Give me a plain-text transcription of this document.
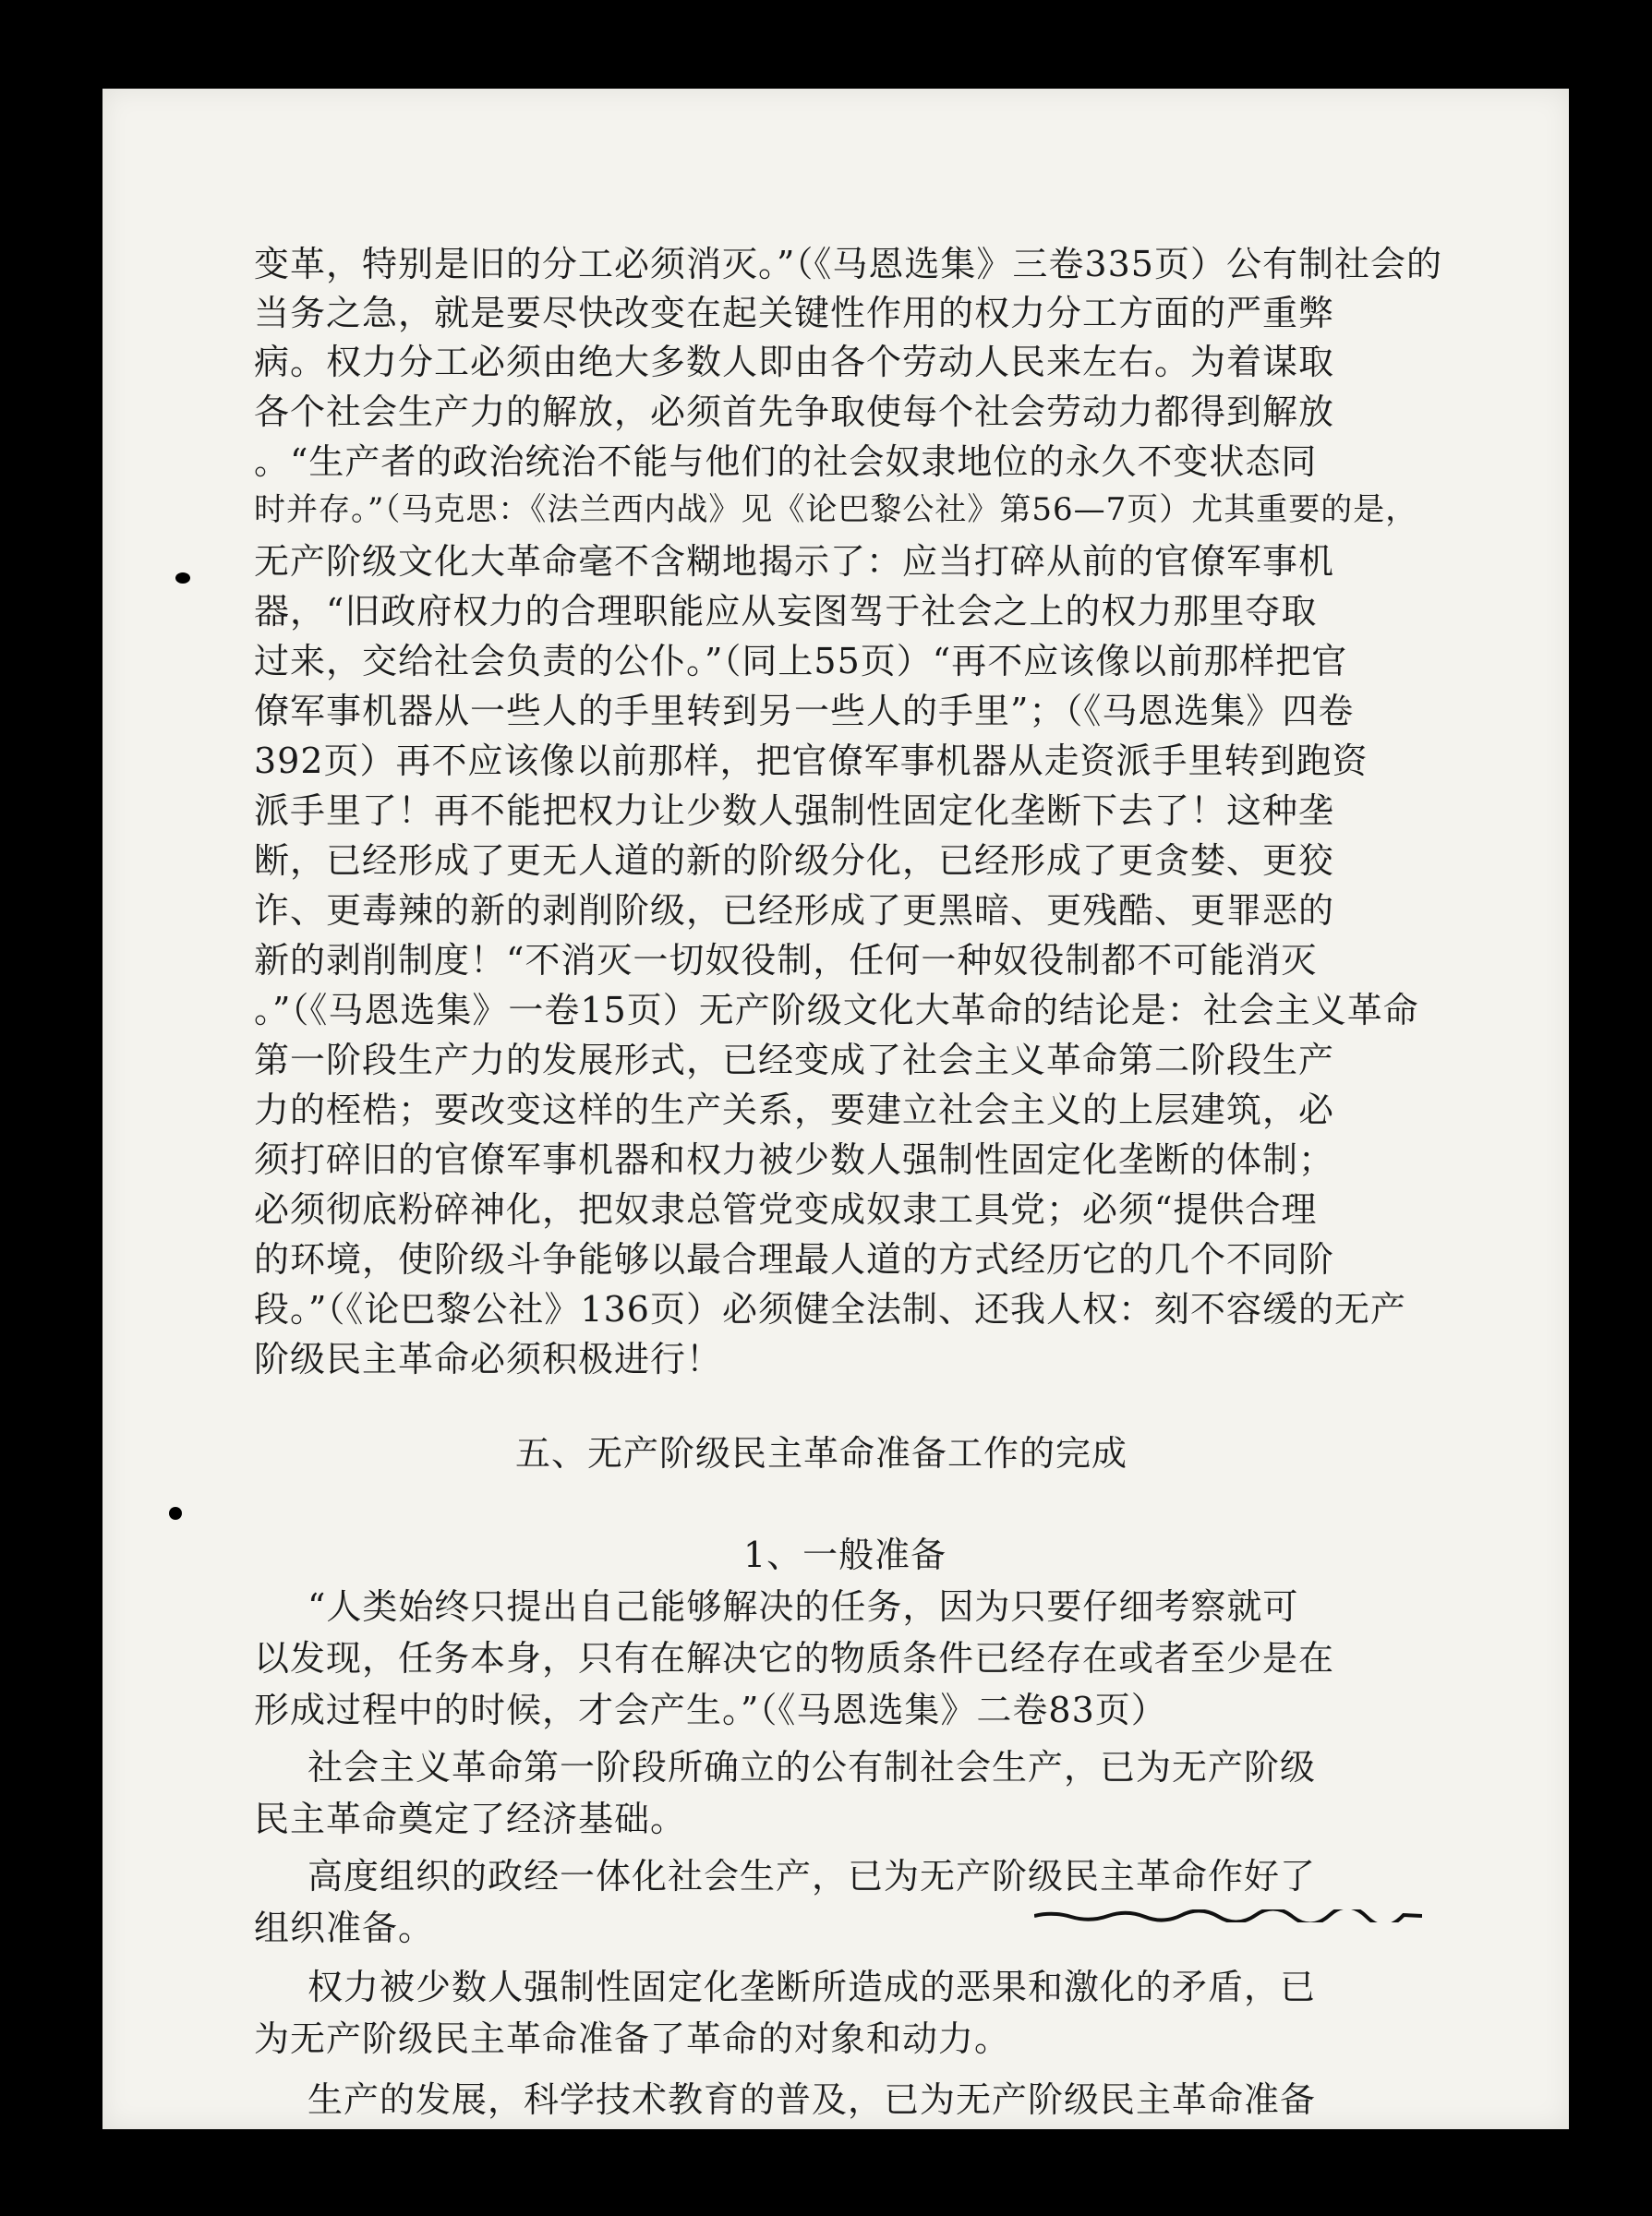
变革，特别是旧的分工必须消灭。”（《马恩选集》三卷335页）公有制社会的
当务之急，就是要尽快改变在起关键性作用的权力分工方面的严重弊
病。权力分工必须由绝大多数人即由各个劳动人民来左右。为着谋取
各个社会生产力的解放，必须首先争取使每个社会劳动力都得到解放
。“生产者的政治统治不能与他们的社会奴隶地位的永久不变状态同
时并存。”（马克思：《法兰西内战》见《论巴黎公社》第56—7页）尤其重要的是，
无产阶级文化大革命毫不含糊地揭示了：应当打碎从前的官僚军事机
器，“旧政府权力的合理职能应从妄图驾于社会之上的权力那里夺取
过来，交给社会负责的公仆。”（同上55页）“再不应该像以前那样把官
僚军事机器从一些人的手里转到另一些人的手里”；（《马恩选集》四卷
392页）再不应该像以前那样，把官僚军事机器从走资派手里转到跑资
派手里了！再不能把权力让少数人强制性固定化垄断下去了！这种垄
断，已经形成了更无人道的新的阶级分化，已经形成了更贪婪、更狡
诈、更毒辣的新的剥削阶级，已经形成了更黑暗、更残酷、更罪恶的
新的剥削制度！“不消灭一切奴役制，任何一种奴役制都不可能消灭
。”（《马恩选集》一卷15页）无产阶级文化大革命的结论是：社会主义革命
第一阶段生产力的发展形式，已经变成了社会主义革命第二阶段生产
力的桎梏；要改变这样的生产关系，要建立社会主义的上层建筑，必
须打碎旧的官僚军事机器和权力被少数人强制性固定化垄断的体制；
必须彻底粉碎神化，把奴隶总管党变成奴隶工具党；必须“提供合理
的环境，使阶级斗争能够以最合理最人道的方式经历它的几个不同阶
段。”（《论巴黎公社》136页）必须健全法制、还我人权：刻不容缓的无产
阶级民主革命必须积极进行！
五、无产阶级民主革命准备工作的完成
1、一般准备
“人类始终只提出自己能够解决的任务，因为只要仔细考察就可
以发现，任务本身，只有在解决它的物质条件已经存在或者至少是在
形成过程中的时候，才会产生。”（《马恩选集》二卷83页）
社会主义革命第一阶段所确立的公有制社会生产，已为无产阶级
民主革命奠定了经济基础。
高度组织的政经一体化社会生产，已为无产阶级民主革命作好了
组织准备。
权力被少数人强制性固定化垄断所造成的恶果和激化的矛盾，已
为无产阶级民主革命准备了革命的对象和动力。
生产的发展，科学技术教育的普及，已为无产阶级民主革命准备
